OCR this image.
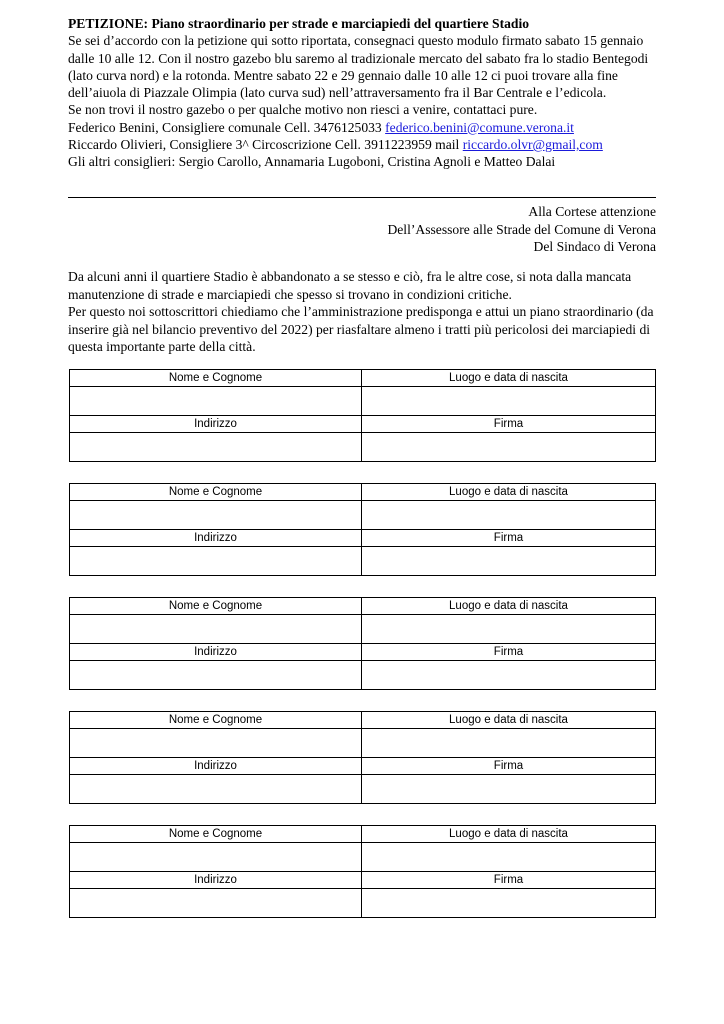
PETIZIONE: Piano straordinario per strade e marciapiedi del quartiere Stadio
Se sei d’accordo con la petizione qui sotto riportata, consegnaci questo modulo firmato sabato 15 gennaio dalle 10 alle 12. Con il nostro gazebo blu saremo al tradizionale mercato del sabato fra lo stadio Bentegodi (lato curva nord) e la rotonda. Mentre sabato 22 e 29 gennaio dalle 10 alle 12 ci puoi trovare alla fine dell’aiuola di Piazzale Olimpia (lato curva sud) nell’attraversamento fra il Bar Centrale e l’edicola.

Se non trovi il nostro gazebo o per qualche motivo non riesci a venire, contattaci pure.

Federico Benini, Consigliere comunale Cell. 3476125033 federico.benini@comune.verona.it

Riccardo Olivieri, Consigliere 3^ Circoscrizione Cell. 3911223959 mail riccardo.olvr@gmail,com

Gli altri consiglieri: Sergio Carollo, Annamaria Lugoboni, Cristina Agnoli e Matteo Dalai

Alla Cortese attenzione
Dell’Assessore alle Strade del Comune di Verona
Del Sindaco di Verona

Da alcuni anni il quartiere Stadio è abbandonato a se stesso e ciò, fra le altre cose, si nota dalla mancata manutenzione di strade e marciapiedi che spesso si trovano in condizioni critiche.

Per questo noi sottoscrittori chiediamo che l’amministrazione predisponga e attui un piano straordinario (da inserire già nel bilancio preventivo del 2022) per riasfaltare almeno i tratti più pericolosi dei marciapiedi di questa importante parte della città.

Nome e Cognome	Luogo e data di nascita

Indirizzo	Firma

Nome e Cognome	Luogo e data di nascita

Indirizzo	Firma

Nome e Cognome	Luogo e data di nascita

Indirizzo	Firma

Nome e Cognome	Luogo e data di nascita

Indirizzo	Firma

Nome e Cognome	Luogo e data di nascita

Indirizzo	Firma
